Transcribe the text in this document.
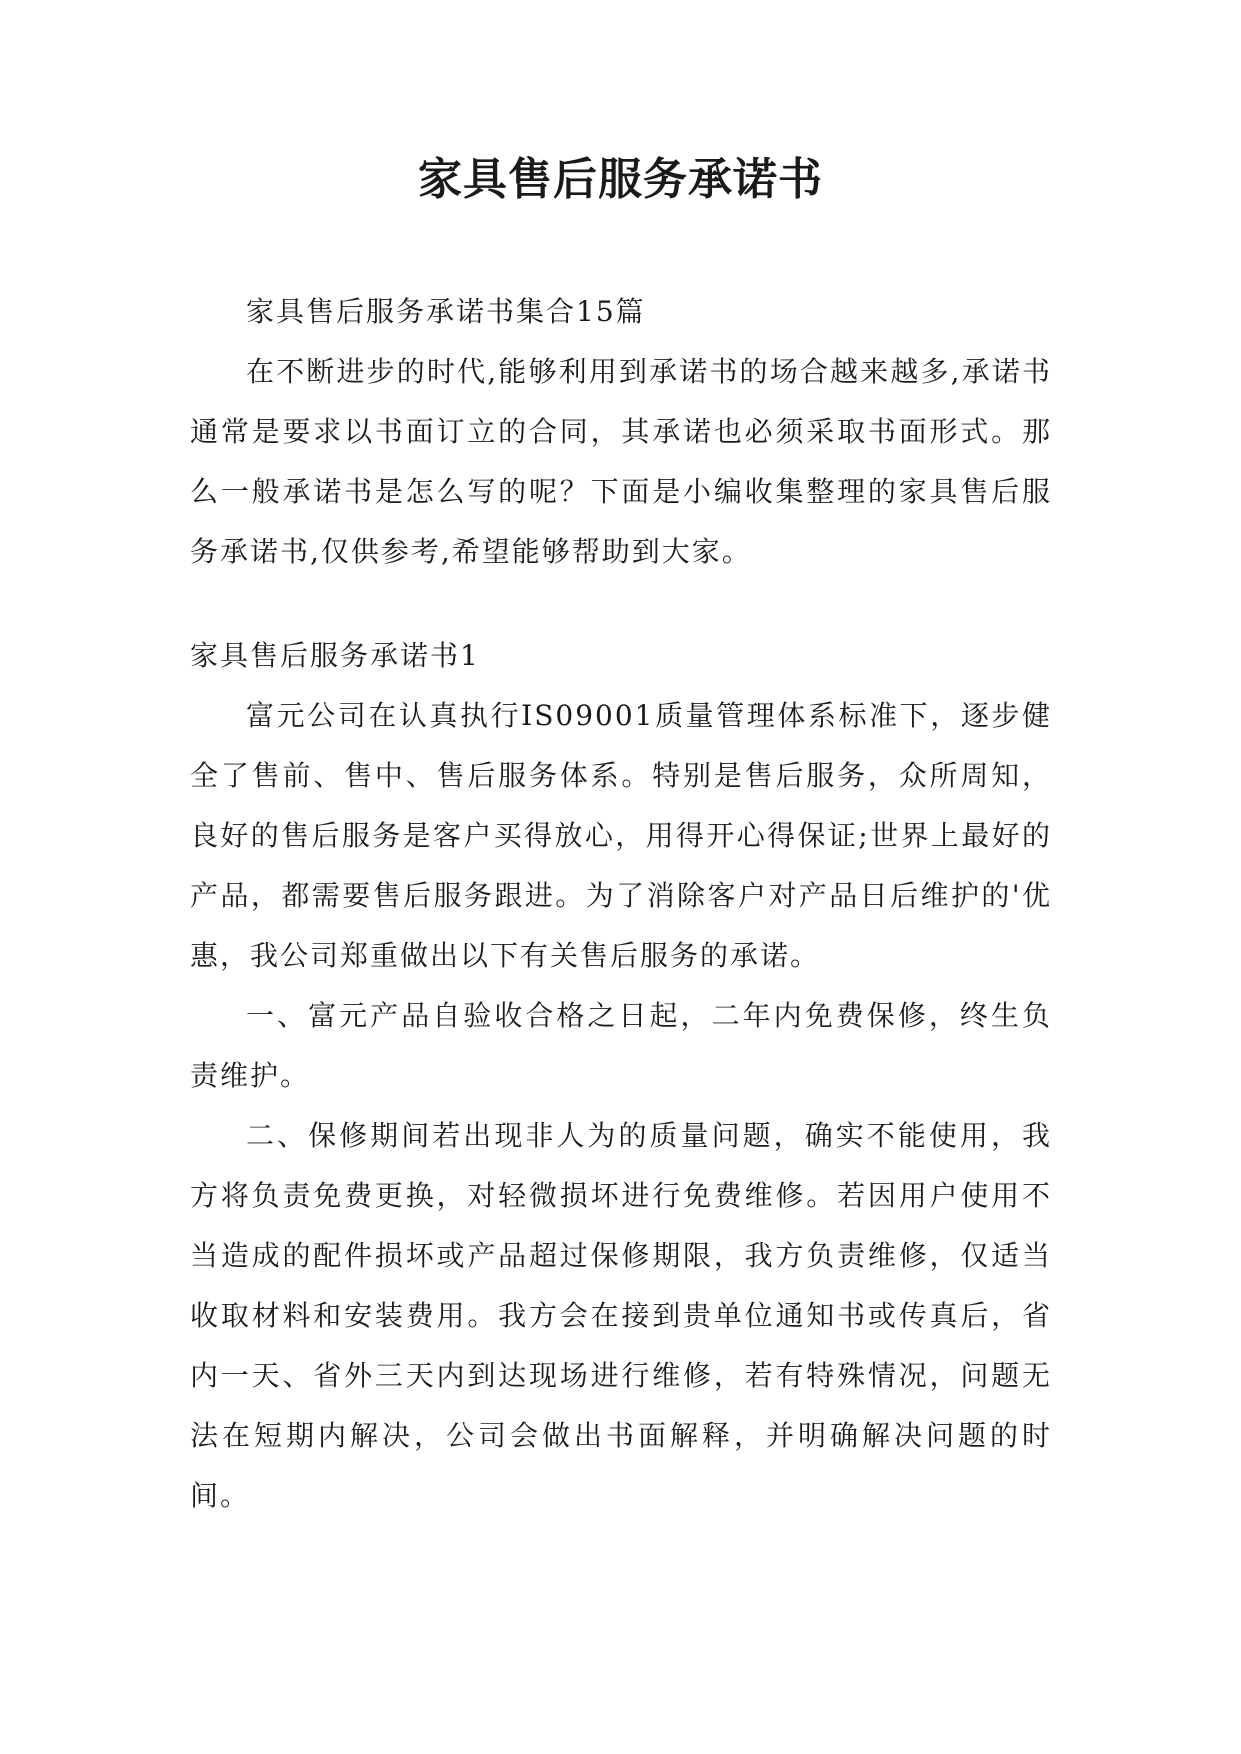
家具售后服务承诺书

家具售后服务承诺书集合15篇

在不断进步的时代,能够利用到承诺书的场合越来越多,承诺书通常是要求以书面订立的合同，其承诺也必须采取书面形式。那么一般承诺书是怎么写的呢？下面是小编收集整理的家具售后服务承诺书,仅供参考,希望能够帮助到大家。

家具售后服务承诺书1

富元公司在认真执行IS09001质量管理体系标准下，逐步健全了售前、售中、售后服务体系。特别是售后服务，众所周知，良好的售后服务是客户买得放心，用得开心得保证;世界上最好的产品，都需要售后服务跟进。为了消除客户对产品日后维护的'优惠，我公司郑重做出以下有关售后服务的承诺。

一、富元产品自验收合格之日起，二年内免费保修，终生负责维护。

二、保修期间若出现非人为的质量问题，确实不能使用，我方将负责免费更换，对轻微损坏进行免费维修。若因用户使用不当造成的配件损坏或产品超过保修期限，我方负责维修，仅适当收取材料和安装费用。我方会在接到贵单位通知书或传真后，省内一天、省外三天内到达现场进行维修，若有特殊情况，问题无法在短期内解决，公司会做出书面解释，并明确解决问题的时间。
